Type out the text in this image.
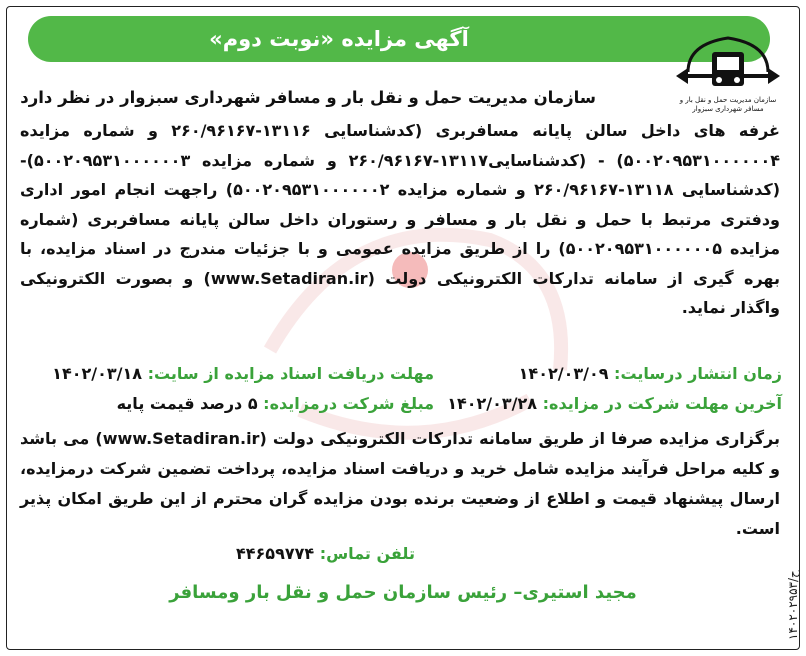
آگهی مزایده «نوبت دوم»
سازمان مدیریت حمل و نقل بار و مسافر شهرداری سبزوار
سازمان مدیریت حمل و نقل بار و مسافر شهرداری سبزوار در نظر دارد

غرفه های داخل سالن پایانه مسافربری (کدشناسایی ۱۳۱۱۶-۲۶۰/۹۶۱۶۷ و شماره مزایده ۵۰۰۲۰۹۵۳۱۰۰۰۰۰۰۴) - (کدشناسایی۱۳۱۱۷-۲۶۰/۹۶۱۶۷ و شماره مزایده ۵۰۰۲۰۹۵۳۱۰۰۰۰۰۰۳)- (کدشناسایی ۱۳۱۱۸-۲۶۰/۹۶۱۶۷ و شماره مزایده ۵۰۰۲۰۹۵۳۱۰۰۰۰۰۰۲) راجهت انجام امور اداری ودفتری مرتبط با حمل و نقل بار و مسافر و رستوران داخل سالن پایانه مسافربری (شماره مزایده ۵۰۰۲۰۹۵۳۱۰۰۰۰۰۰۵) را از طریق مزایده عمومی و با جزئیات مندرج در اسناد مزایده، با بهره گیری از سامانه تدارکات الکترونیکی دولت (www.Setadiran.ir) و بصورت الکترونیکی واگذار نماید.

زمان انتشار درسایت: ۱۴۰۲/۰۳/۰۹
مهلت دریافت اسناد مزایده از سایت: ۱۴۰۲/۰۳/۱۸
آخرین مهلت شرکت در مزایده: ۱۴۰۲/۰۳/۲۸
مبلغ شرکت درمزایده: ۵ درصد قیمت پایه

برگزاری مزایده صرفا از طریق سامانه تدارکات الکترونیکی دولت (www.Setadiran.ir) می باشد و کلیه مراحل فرآیند مزایده شامل خرید و دریافت اسناد مزایده، پرداخت تضمین شرکت درمزایده، ارسال پیشنهاد قیمت و اطلاع از وضعیت برنده بودن مزایده گران محترم از این طریق امکان پذیر است.

تلفن تماس: ۴۴۶۵۹۷۷۴
مجید استیری– رئیس سازمان حمل و نقل بار ومسافر	ح/۱۴۰۲۰۲۹۵۳
